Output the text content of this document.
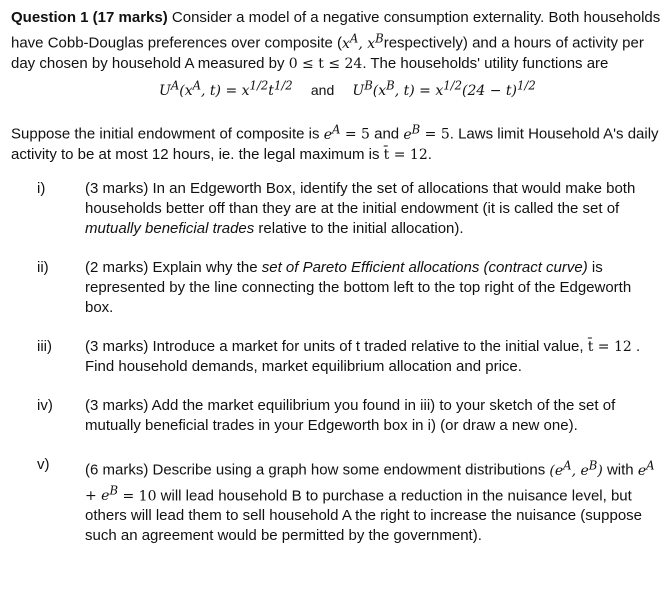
Question 1 (17 marks) Consider a model of a negative consumption externality. Both households have Cobb-Douglas preferences over composite ($x^A$, $x^Brespectively$) and a hours of activity per day chosen by household A measured by 0 ≤ t ≤ 24. The households' utility functions are

$U^A(x^A$, $t) = x^{1/2}t^{1/2}$ and $U^B(x^B$, $t) = x^{1/2}(24 - t)^{1/2}$

Suppose the initial endowment of composite is $e^A = 5$ and $e^B = 5$. Laws limit Household A's daily activity to be at most 12 hours, ie. the legal maximum is t̄ = 12.

i)	(3 marks) In an Edgeworth Box, identify the set of allocations that would make both households better off than they are at the initial endowment (it is called the set of mutually beneficial trades relative to the initial allocation).

ii)	(2 marks) Explain why the set of Pareto Efficient allocations (contract curve) is represented by the line connecting the bottom left to the top right of the Edgeworth box.

iii)	(3 marks) Introduce a market for units of t traded relative to the initial value, t̄ = 12 . Find household demands, market equilibrium allocation and price.

iv)	(3 marks) Add the market equilibrium you found in iii) to your sketch of the set of mutually beneficial trades in your Edgeworth box in i) (or draw a new one).

v)	(6 marks) Describe using a graph how some endowment distributions ($e^A$, $e^B$) with $e^A + e^B = 10$ will lead household B to purchase a reduction in the nuisance level, but others will lead them to sell household A the right to increase the nuisance (suppose such an agreement would be permitted by the government).
